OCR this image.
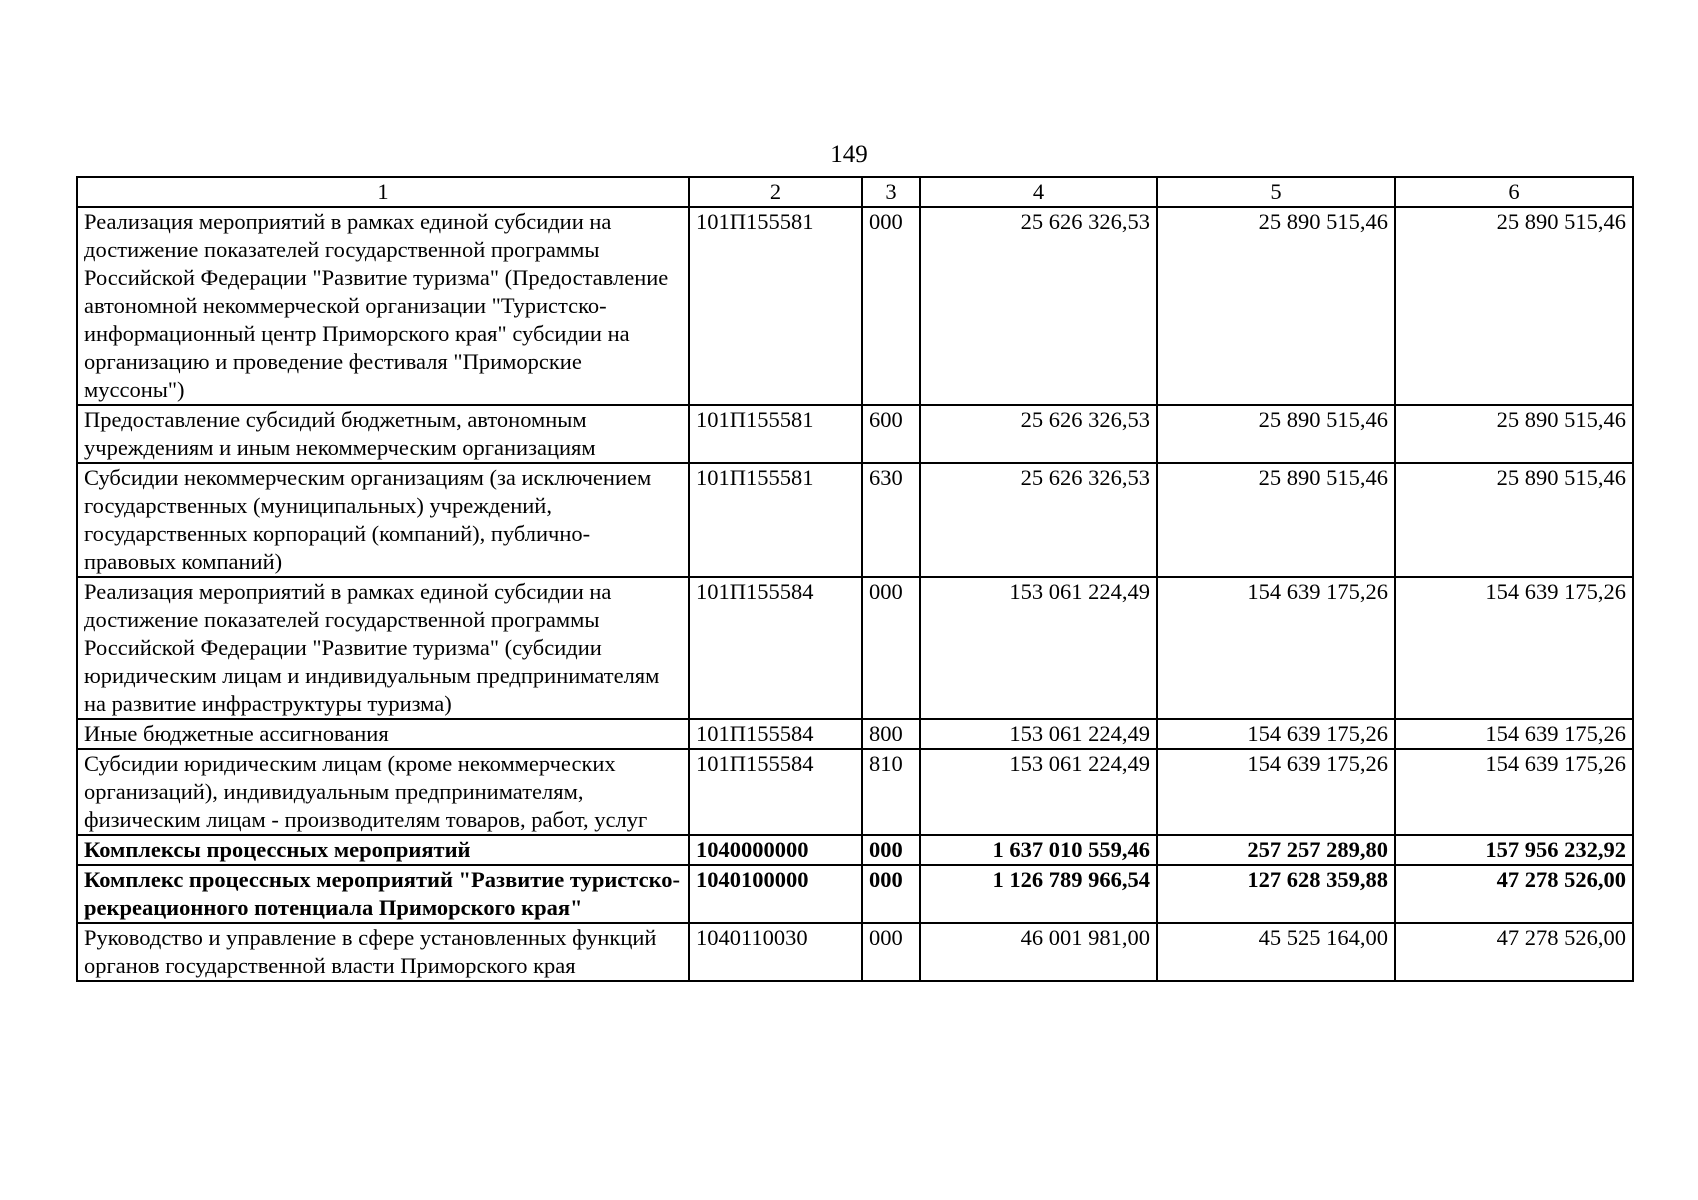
149
1	2	3	4	5	6
Реализация мероприятий в рамках единой субсидии на достижение показателей государственной программы Российской Федерации "Развитие туризма" (Предоставление автономной некоммерческой организации "Туристско-информационный центр Приморского края" субсидии на организацию и проведение фестиваля "Приморские муссоны")	101П155581	000	25 626 326,53	25 890 515,46	25 890 515,46
Предоставление субсидий бюджетным, автономным учреждениям и иным некоммерческим организациям	101П155581	600	25 626 326,53	25 890 515,46	25 890 515,46
Субсидии некоммерческим организациям (за исключением государственных (муниципальных) учреждений, государственных корпораций (компаний), публично-правовых компаний)	101П155581	630	25 626 326,53	25 890 515,46	25 890 515,46
Реализация мероприятий в рамках единой субсидии на достижение показателей государственной программы Российской Федерации "Развитие туризма" (субсидии юридическим лицам и индивидуальным предпринимателям на развитие инфраструктуры туризма)	101П155584	000	153 061 224,49	154 639 175,26	154 639 175,26
Иные бюджетные ассигнования	101П155584	800	153 061 224,49	154 639 175,26	154 639 175,26
Субсидии юридическим лицам (кроме некоммерческих организаций), индивидуальным предпринимателям, физическим лицам - производителям товаров, работ, услуг	101П155584	810	153 061 224,49	154 639 175,26	154 639 175,26
Комплексы процессных мероприятий	1040000000	000	1 637 010 559,46	257 257 289,80	157 956 232,92
Комплекс процессных мероприятий "Развитие туристско-рекреационного потенциала Приморского края"	1040100000	000	1 126 789 966,54	127 628 359,88	47 278 526,00
Руководство и управление в сфере установленных функций органов государственной власти Приморского края	1040110030	000	46 001 981,00	45 525 164,00	47 278 526,00
